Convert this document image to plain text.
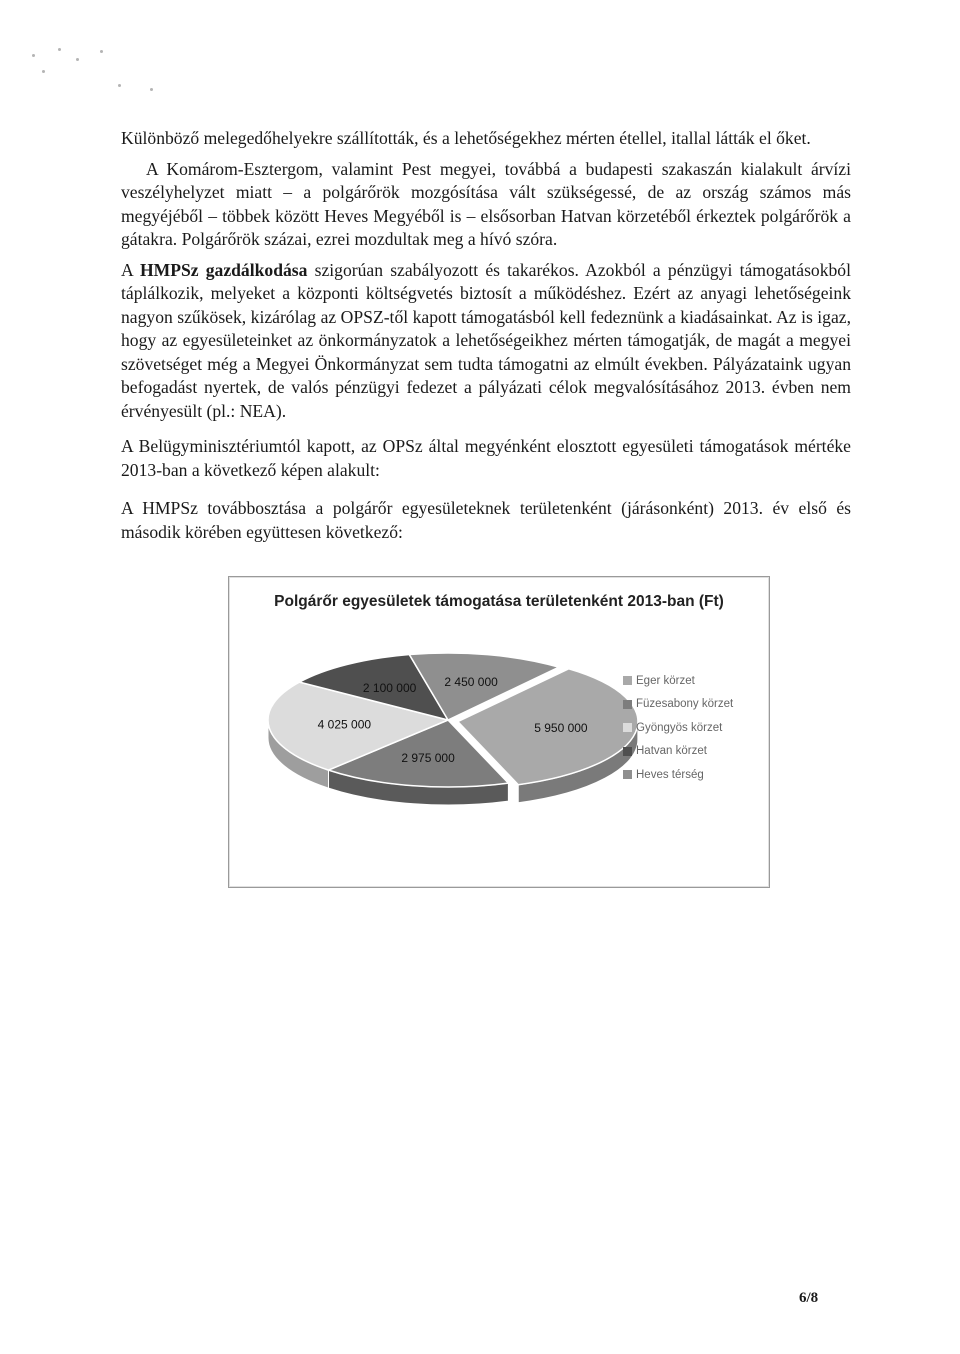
Különböző melegedőhelyekre szállították, és a lehetőségekhez mérten étellel, itallal látták el őket.

A Komárom-Esztergom, valamint Pest megyei, továbbá a budapesti szakaszán kialakult árvízi veszélyhelyzet miatt – a polgárőrök mozgósítása vált szükségessé, de az ország számos más megyéjéből – többek között Heves Megyéből is – elsősorban Hatvan körzetéből érkeztek polgárőrök a gátakra. Polgárőrök százai, ezrei mozdultak meg a hívó szóra.

A HMPSz gazdálkodása szigorúan szabályozott és takarékos. Azokból a pénzügyi támogatásokból táplálkozik, melyeket a központi költségvetés biztosít a működéshez. Ezért az anyagi lehetőségeink nagyon szűkösek, kizárólag az OPSZ-től kapott támogatásból kell fedeznünk a kiadásainkat. Az is igaz, hogy az egyesületeinket az önkormányzatok a lehetőségeikhez mérten támogatják, de magát a megyei szövetséget még a Megyei Önkormányzat sem tudta támogatni az elmúlt években. Pályázataink ugyan befogadást nyertek, de valós pénzügyi fedezet a pályázati célok megvalósításához 2013. évben nem érvényesült (pl.: NEA).

A Belügyminisztériumtól kapott, az OPSz által megyénként elosztott egyesületi támogatások mértéke 2013-ban a következő képen alakult:

A HMPSz továbbosztása a polgárőr egyesületeknek területenként (járásonként) 2013. év első és második körében együttesen következő:

Polgárőr egyesületek támogatása területenként 2013-ban (Ft)
5 950 000
2 975 000
4 025 000
2 100 000 2 450 000	Eger körzet
Füzesabony körzet
Gyöngyös körzet
Hatvan körzet
Heves térség
6/8
